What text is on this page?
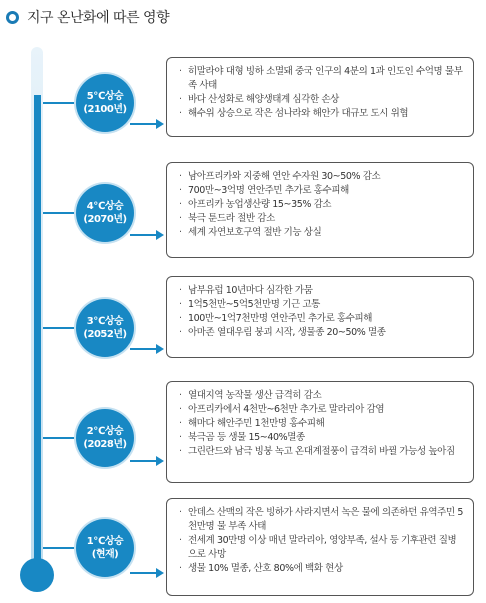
지구 온난화에 따른 영향
5℃상승
(2100년)
· 히말라야 대형 빙하 소멸돼 중국 인구의 4분의 1과 인도인 수억명 물부족 사태
· 바다 산성화로 해양생태계 심각한 손상
· 해수위 상승으로 작은 섬나라와 해안가 대규모 도시 위협
4℃상승
(2070년)
· 남아프리카와 지중해 연안 수자원 30~50% 감소
· 700만~3억명 연안주민 추가로 홍수피해
· 아프리카 농업생산량 15~35% 감소
· 북극 툰드라 절반 감소
· 세계 자연보호구역 절반 기능 상실
3℃상승
(2052년)
· 남부유럽 10년마다 심각한 가뭄
· 1억5천만~5억5천만명 기근 고통
· 100만~1억7천만명 연안주민 추가로 홍수피해
· 아마존 열대우림 붕괴 시작, 생물종 20~50% 멸종
2℃상승
(2028년)
· 열대지역 농작물 생산 급격히 감소
· 아프리카에서 4천만~6천만 추가로 말라리아 감염
· 해마다 해안주민 1천만명 홍수피해
· 북극곰 등 생물 15~40%멸종
· 그린란드와 남극 빙붕 녹고 온대계절풍이 급격히 바뀔 가능성 높아짐
1℃상승
(현재)
· 안데스 산맥의 작은 빙하가 사라지면서 녹은 물에 의존하던 유역주민 5천만명 물 부족 사태
· 전세계 30만명 이상 매년 말라리아, 영양부족, 설사 등 기후관련 질병으로 사망
· 생물 10% 멸종, 산호 80%에 백화 현상
